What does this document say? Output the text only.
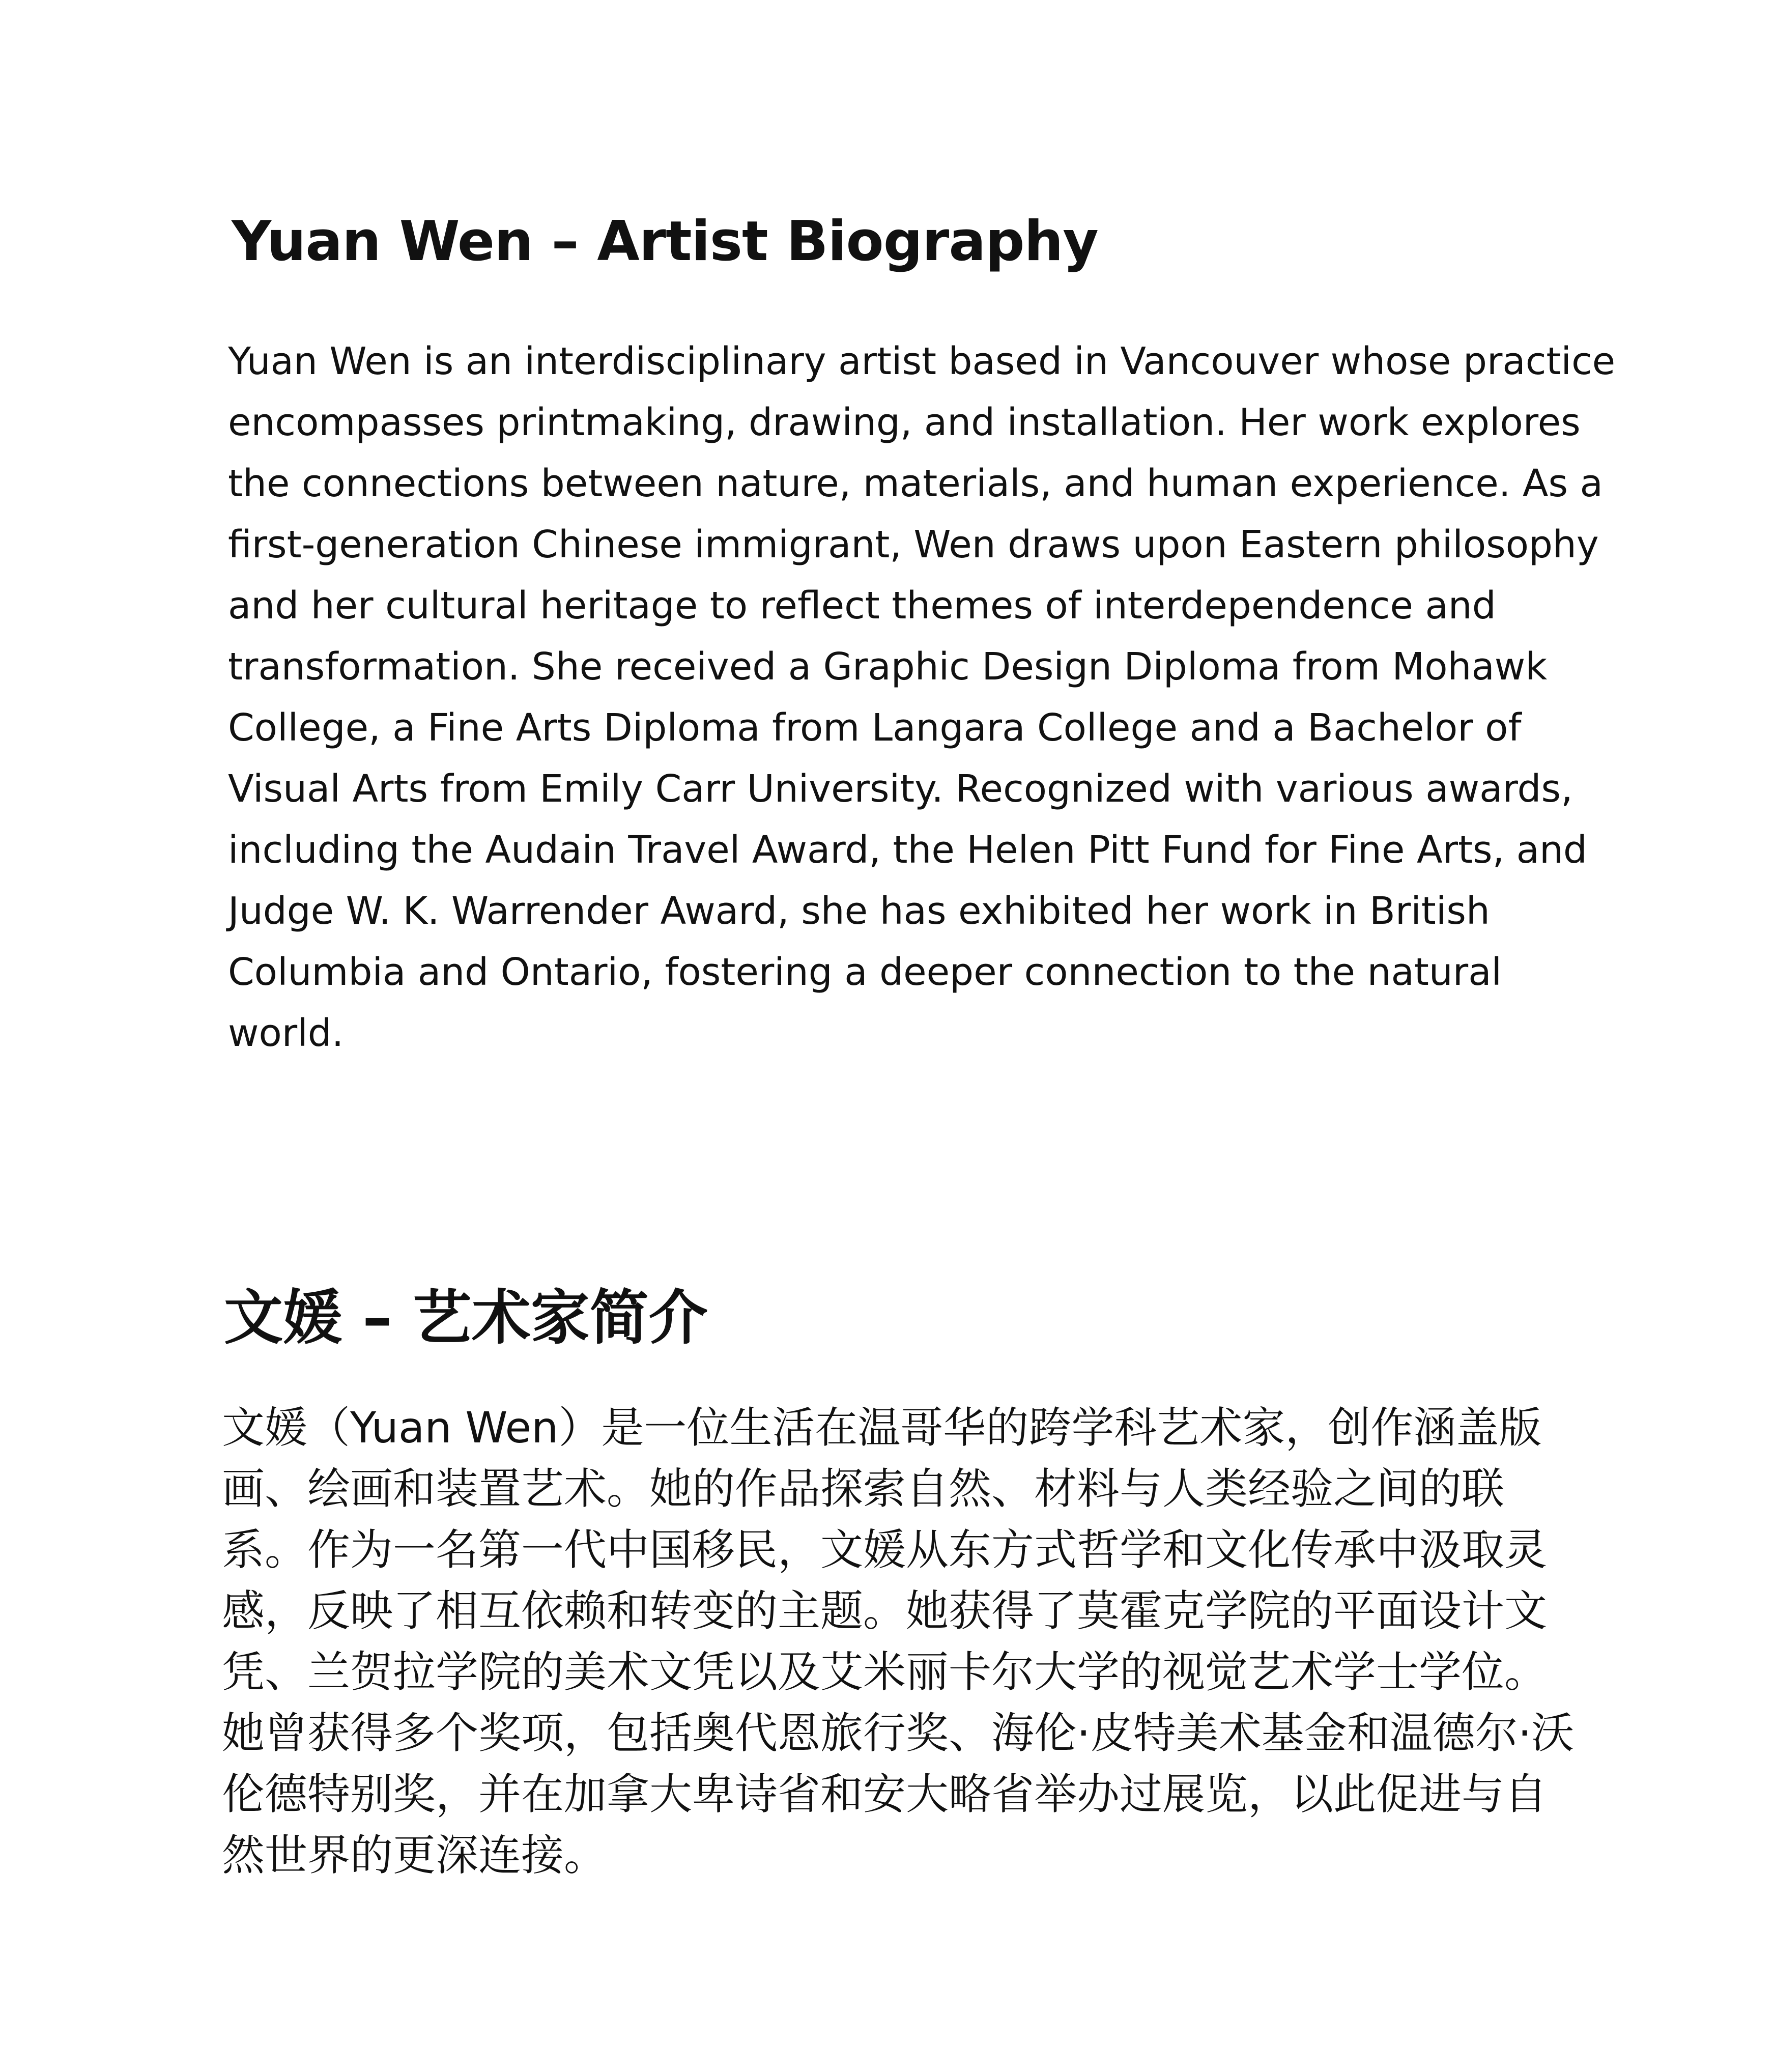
Yuan Wen – Artist Biography

Yuan Wen is an interdisciplinary artist based in Vancouver whose practice
encompasses printmaking, drawing, and installation. Her work explores
the connections between nature, materials, and human experience. As a
first-generation Chinese immigrant, Wen draws upon Eastern philosophy
and her cultural heritage to reflect themes of interdependence and
transformation. She received a Graphic Design Diploma from Mohawk
College, a Fine Arts Diploma from Langara College and a Bachelor of
Visual Arts from Emily Carr University. Recognized with various awards,
including the Audain Travel Award, the Helen Pitt Fund for Fine Arts, and
Judge W. K. Warrender Award, she has exhibited her work in British
Columbia and Ontario, fostering a deeper connection to the natural
world.

文媛 – 艺术家简介

文媛（Yuan Wen）是一位生活在温哥华的跨学科艺术家，创作涵盖版
画、绘画和装置艺术。她的作品探索自然、材料与人类经验之间的联
系。作为一名第一代中国移民，文媛从东方式哲学和文化传承中汲取灵
感，反映了相互依赖和转变的主题。她获得了莫霍克学院的平面设计文
凭、兰贺拉学院的美术文凭以及艾米丽卡尔大学的视觉艺术学士学位。
她曾获得多个奖项，包括奥代恩旅行奖、海伦·皮特美术基金和温德尔·沃
伦德特别奖，并在加拿大卑诗省和安大略省举办过展览，以此促进与自
然世界的更深连接。
